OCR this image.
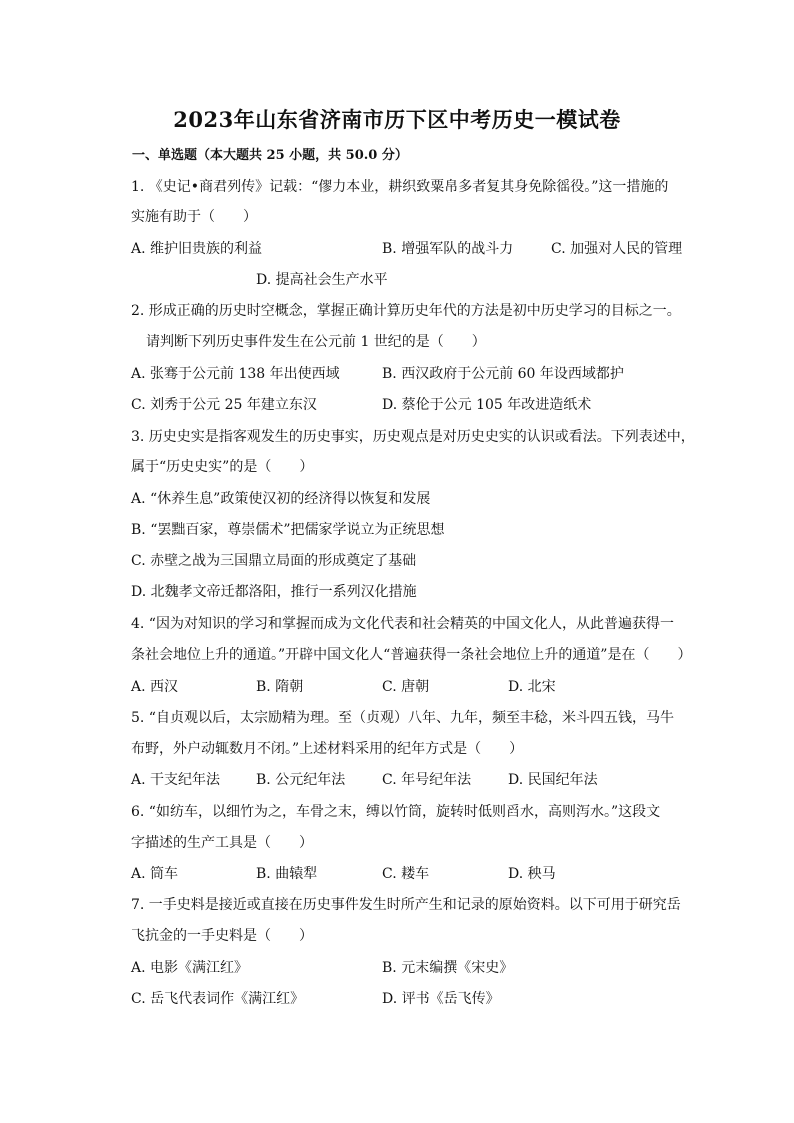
2023年山东省济南市历下区中考历史一模试卷
一、单选题（本大题共 25 小题，共 50.0 分）
1. 《史记•商君列传》记载：“僇力本业，耕织致粟帛多者复其身免除徭役。”这一措施的
实施有助于（　　）
A. 维护旧贵族的利益	B. 增强军队的战斗力	C. 加强对人民的管理
D. 提高社会生产水平
2. 形成正确的历史时空概念，掌握正确计算历史年代的方法是初中历史学习的目标之一。
请判断下列历史事件发生在公元前 1 世纪的是（　　）
A. 张骞于公元前 138 年出使西域	B. 西汉政府于公元前 60 年设西域都护
C. 刘秀于公元 25 年建立东汉	D. 蔡伦于公元 105 年改进造纸术
3. 历史史实是指客观发生的历史事实，历史观点是对历史史实的认识或看法。下列表述中，
属于“历史史实”的是（　　）
A. “休养生息”政策使汉初的经济得以恢复和发展
B. “罢黜百家，尊崇儒术”把儒家学说立为正统思想
C. 赤壁之战为三国鼎立局面的形成奠定了基础
D. 北魏孝文帝迁都洛阳，推行一系列汉化措施
4. “因为对知识的学习和掌握而成为文化代表和社会精英的中国文化人，从此普遍获得一
条社会地位上升的通道。”开辟中国文化人“普遍获得一条社会地位上升的通道”是在（　　）
A. 西汉	B. 隋朝	C. 唐朝	D. 北宋
5. “自贞观以后，太宗励精为理。至（贞观）八年、九年，频至丰稔，米斗四五钱，马牛
布野，外户动辄数月不闭。”上述材料采用的纪年方式是（　　）
A. 干支纪年法	B. 公元纪年法	C. 年号纪年法	D. 民国纪年法
6. “如纺车，以细竹为之，车骨之末，缚以竹筒，旋转时低则舀水，高则泻水。”这段文
字描述的生产工具是（　　）
A. 筒车	B. 曲辕犁	C. 耧车	D. 秧马
7. 一手史料是接近或直接在历史事件发生时所产生和记录的原始资料。以下可用于研究岳
飞抗金的一手史料是（　　）
A. 电影《满江红》	B. 元末编撰《宋史》
C. 岳飞代表词作《满江红》	D. 评书《岳飞传》
